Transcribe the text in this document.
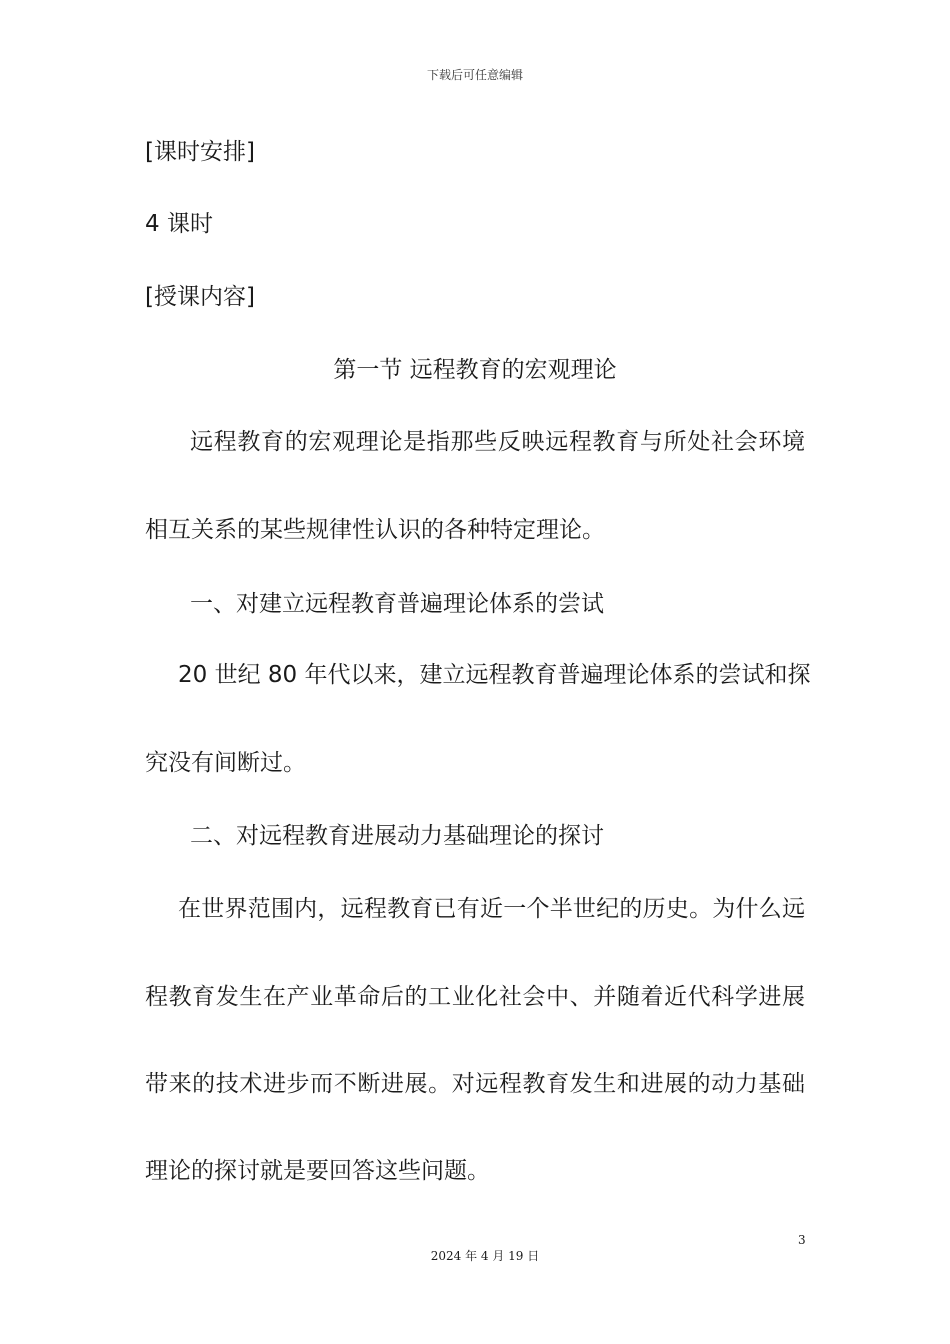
下载后可任意编辑
[课时安排]
4 课时
[授课内容]
第一节 远程教育的宏观理论
远程教育的宏观理论是指那些反映远程教育与所处社会环境
相互关系的某些规律性认识的各种特定理论。
一、对建立远程教育普遍理论体系的尝试
20 世纪 80 年代以来，建立远程教育普遍理论体系的尝试和探
究没有间断过。
二、对远程教育进展动力基础理论的探讨
在世界范围内，远程教育已有近一个半世纪的历史。为什么远
程教育发生在产业革命后的工业化社会中、并随着近代科学进展
带来的技术进步而不断进展。对远程教育发生和进展的动力基础
理论的探讨就是要回答这些问题。
3
2024 年 4 月 19 日
